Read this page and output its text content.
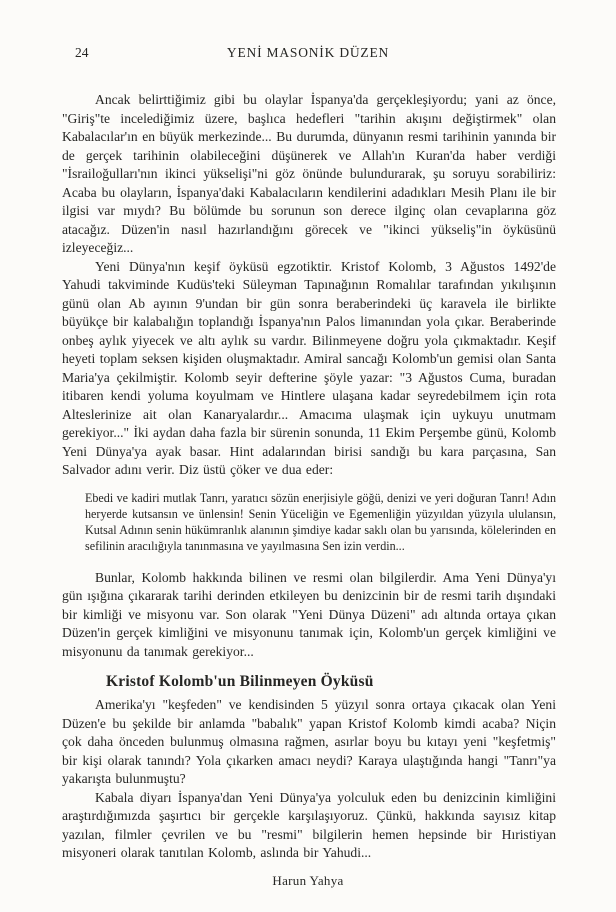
24	YENİ MASONİK DÜZEN

Ancak belirttiğimiz gibi bu olaylar İspanya'da gerçekleşiyordu; yani az önce, "Giriş"te incelediğimiz üzere, başlıca hedefleri "tarihin akışını değiştirmek" olan Kabalacılar'ın en büyük merkezinde... Bu durumda, dünyanın resmi tarihinin yanında bir de gerçek tarihinin olabileceğini düşünerek ve Allah'ın Kuran'da haber verdiği "İsrailoğulları'nın ikinci yükselişi"ni göz önünde bulundurarak, şu soruyu sorabiliriz: Acaba bu olayların, İspanya'daki Kabalacıların kendilerini adadıkları Mesih Planı ile bir ilgisi var mıydı? Bu bölümde bu sorunun son derece ilginç olan cevaplarına göz atacağız. Düzen'in nasıl hazırlandığını görecek ve "ikinci yükseliş"in öyküsünü izleyeceğiz...

Yeni Dünya'nın keşif öyküsü egzotiktir. Kristof Kolomb, 3 Ağustos 1492'de Yahudi takviminde Kudüs'teki Süleyman Tapınağının Romalılar tarafından yıkılışının günü olan Ab ayının 9'undan bir gün sonra beraberindeki üç karavela ile birlikte büyükçe bir kalabalığın toplandığı İspanya'nın Palos limanından yola çıkar. Beraberinde onbeş aylık yiyecek ve altı aylık su vardır. Bilinmeyene doğru yola çıkmaktadır. Keşif heyeti toplam seksen kişiden oluşmaktadır. Amiral sancağı Kolomb'un gemisi olan Santa Maria'ya çekilmiştir. Kolomb seyir defterine şöyle yazar: "3 Ağustos Cuma, buradan itibaren kendi yoluma koyulmam ve Hintlere ulaşana kadar seyredebilmem için rota Alteslerinize ait olan Kanaryalardır... Amacıma ulaşmak için uykuyu unutmam gerekiyor..." İki aydan daha fazla bir sürenin sonunda, 11 Ekim Perşembe günü, Kolomb Yeni Dünya'ya ayak basar. Hint adalarından birisi sandığı bu kara parçasına, San Salvador adını verir. Diz üstü çöker ve dua eder:

Ebedi ve kadiri mutlak Tanrı, yaratıcı sözün enerjisiyle göğü, denizi ve yeri doğuran Tanrı! Adın heryerde kutsansın ve ünlensin! Senin Yüceliğin ve Egemenliğin yüzyıldan yüzyıla ululansın, Kutsal Adının senin hükümranlık alanının şimdiye kadar saklı olan bu yarısında, kölelerinden en sefilinin aracılığıyla tanınmasına ve yayılmasına Sen izin verdin...

Bunlar, Kolomb hakkında bilinen ve resmi olan bilgilerdir. Ama Yeni Dünya'yı gün ışığına çıkararak tarihi derinden etkileyen bu denizcinin bir de resmi tarih dışındaki bir kimliği ve misyonu var. Son olarak "Yeni Dünya Düzeni" adı altında ortaya çıkan Düzen'in gerçek kimliğini ve misyonunu tanımak için, Kolomb'un gerçek kimliğini ve misyonunu da tanımak gerekiyor...

Kristof Kolomb'un Bilinmeyen Öyküsü

Amerika'yı "keşfeden" ve kendisinden 5 yüzyıl sonra ortaya çıkacak olan Yeni Düzen'e bu şekilde bir anlamda "babalık" yapan Kristof Kolomb kimdi acaba? Niçin çok daha önceden bulunmuş olmasına rağmen, asırlar boyu bu kıtayı yeni "keşfetmiş" bir kişi olarak tanındı? Yola çıkarken amacı neydi? Karaya ulaştığında hangi "Tanrı"ya yakarışta bulunmuştu?

Kabala diyarı İspanya'dan Yeni Dünya'ya yolculuk eden bu denizcinin kimliğini araştırdığımızda şaşırtıcı bir gerçekle karşılaşıyoruz. Çünkü, hakkında sayısız kitap yazılan, filmler çevrilen ve bu "resmi" bilgilerin hemen hepsinde bir Hıristiyan misyoneri olarak tanıtılan Kolomb, aslında bir Yahudi...

Harun Yahya
